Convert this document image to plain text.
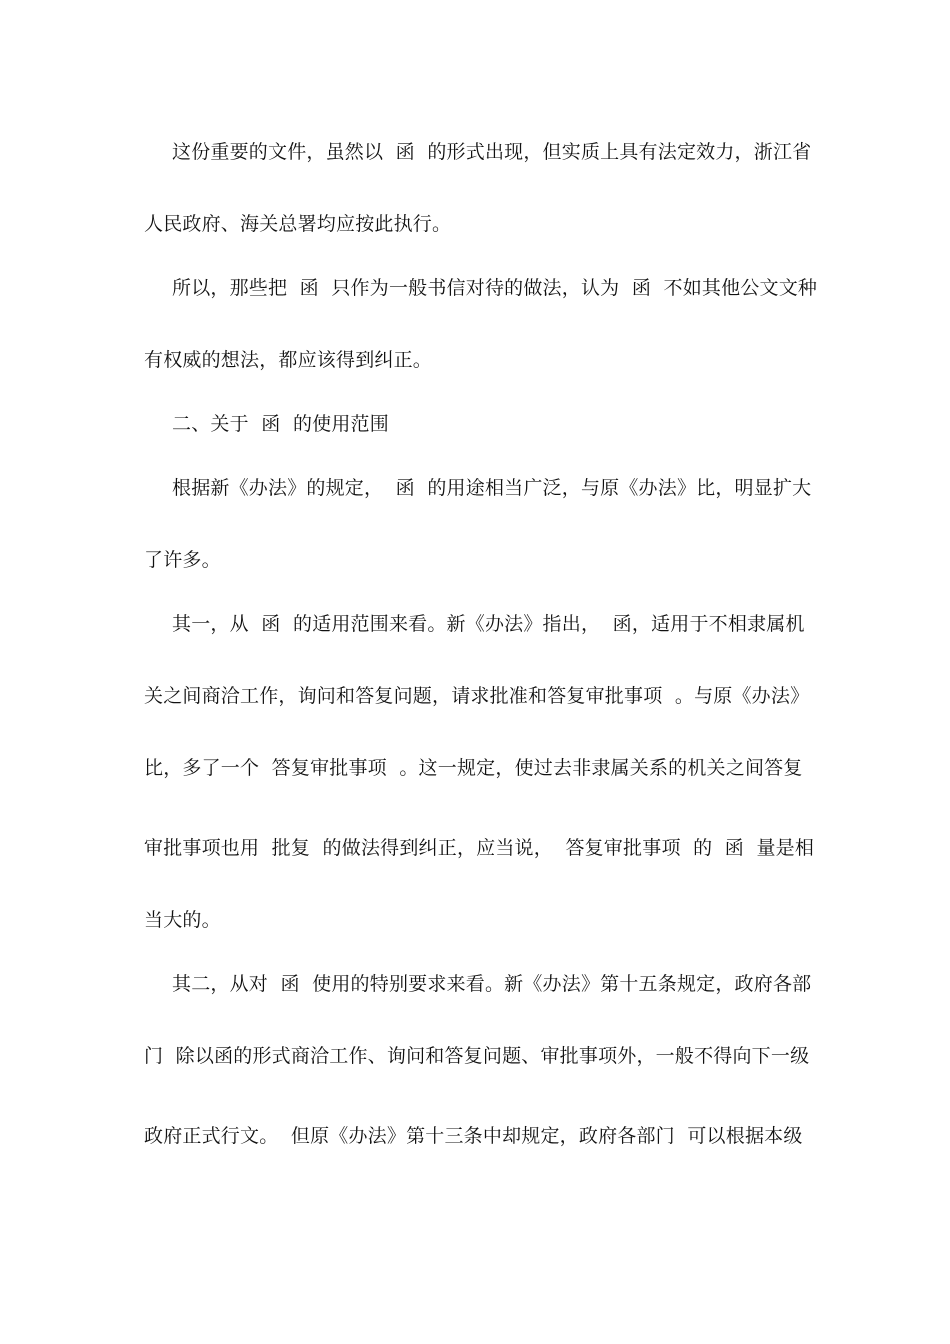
这份重要的文件，虽然以  函  的形式出现，但实质上具有法定效力，浙江省
人民政府、海关总署均应按此执行。
所以，那些把  函  只作为一般书信对待的做法，认为  函  不如其他公文文种
有权威的想法，都应该得到纠正。
二、关于  函  的使用范围
根据新《办法》的规定，  函  的用途相当广泛，与原《办法》比，明显扩大
了许多。
其一，从  函  的适用范围来看。新《办法》指出，  函，适用于不相隶属机
关之间商洽工作，询问和答复问题，请求批准和答复审批事项  。与原《办法》
比，多了一个  答复审批事项  。这一规定，使过去非隶属关系的机关之间答复
审批事项也用  批复  的做法得到纠正，应当说，  答复审批事项  的  函  量是相
当大的。
其二，从对  函  使用的特别要求来看。新《办法》第十五条规定，政府各部
门  除以函的形式商洽工作、询问和答复问题、审批事项外，一般不得向下一级
政府正式行文。  但原《办法》第十三条中却规定，政府各部门  可以根据本级
